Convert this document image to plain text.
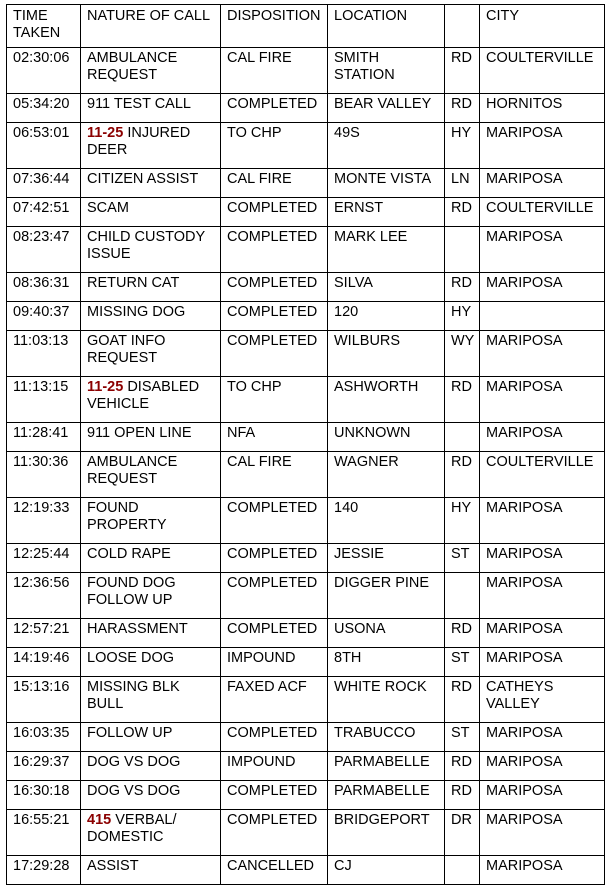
TIME
TAKEN	NATURE OF CALL	DISPOSITION	LOCATION		CITY
02:30:06	AMBULANCE
REQUEST	CAL FIRE	SMITH
STATION	RD	COULTERVILLE
05:34:20	911 TEST CALL	COMPLETED	BEAR VALLEY	RD	HORNITOS
06:53:01	11-25 INJURED
DEER	TO CHP	49S	HY	MARIPOSA
07:36:44	CITIZEN ASSIST	CAL FIRE	MONTE VISTA	LN	MARIPOSA
07:42:51	SCAM	COMPLETED	ERNST	RD	COULTERVILLE
08:23:47	CHILD CUSTODY
ISSUE	COMPLETED	MARK LEE		MARIPOSA
08:36:31	RETURN CAT	COMPLETED	SILVA	RD	MARIPOSA
09:40:37	MISSING DOG	COMPLETED	120	HY	
11:03:13	GOAT INFO
REQUEST	COMPLETED	WILBURS	WY	MARIPOSA
11:13:15	11-25 DISABLED
VEHICLE	TO CHP	ASHWORTH	RD	MARIPOSA
11:28:41	911 OPEN LINE	NFA	UNKNOWN		MARIPOSA
11:30:36	AMBULANCE
REQUEST	CAL FIRE	WAGNER	RD	COULTERVILLE
12:19:33	FOUND
PROPERTY	COMPLETED	140	HY	MARIPOSA
12:25:44	COLD RAPE	COMPLETED	JESSIE	ST	MARIPOSA
12:36:56	FOUND DOG
FOLLOW UP	COMPLETED	DIGGER PINE		MARIPOSA
12:57:21	HARASSMENT	COMPLETED	USONA	RD	MARIPOSA
14:19:46	LOOSE DOG	IMPOUND	8TH	ST	MARIPOSA
15:13:16	MISSING BLK
BULL	FAXED ACF	WHITE ROCK	RD	CATHEYS
VALLEY
16:03:35	FOLLOW UP	COMPLETED	TRABUCCO	ST	MARIPOSA
16:29:37	DOG VS DOG	IMPOUND	PARMABELLE	RD	MARIPOSA
16:30:18	DOG VS DOG	COMPLETED	PARMABELLE	RD	MARIPOSA
16:55:21	415 VERBAL/
DOMESTIC	COMPLETED	BRIDGEPORT	DR	MARIPOSA
17:29:28	ASSIST	CANCELLED	CJ		MARIPOSA
